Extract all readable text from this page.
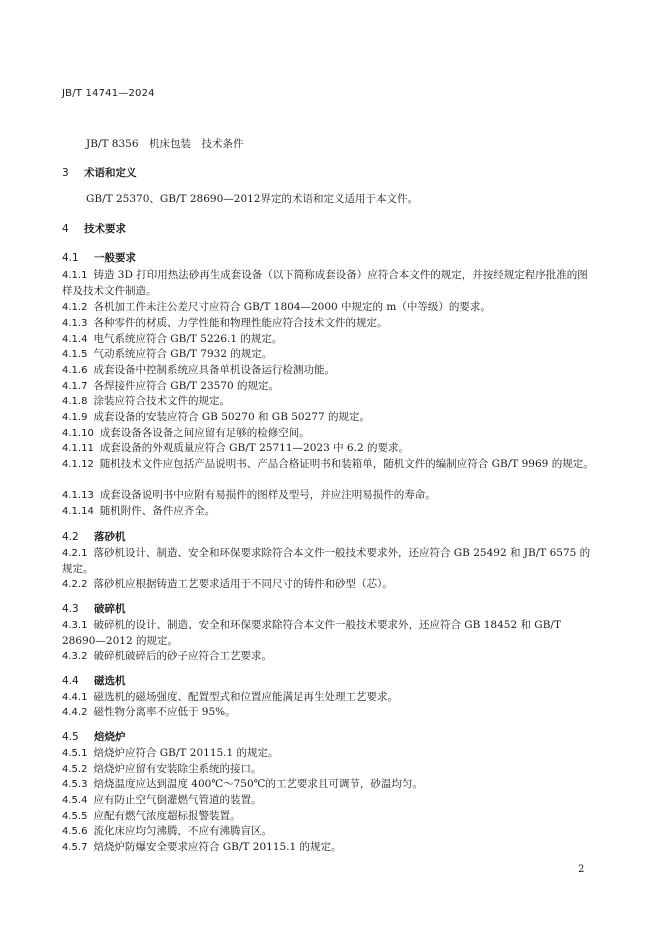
JB/T 14741—2024
JB/T 8356　机床包装　技术条件
3 术语和定义
GB/T 25370、GB/T 28690—2012界定的术语和定义适用于本文件。
4 技术要求
4.1 一般要求
4.1.1 铸造 3D 打印用热法砂再生成套设备（以下简称成套设备）应符合本文件的规定，并按经规定程序批准的图样及技术文件制造。
4.1.2 各机加工件未注公差尺寸应符合 GB/T 1804—2000 中规定的 m（中等级）的要求。
4.1.3 各种零件的材质、力学性能和物理性能应符合技术文件的规定。
4.1.4 电气系统应符合 GB/T 5226.1 的规定。
4.1.5 气动系统应符合 GB/T 7932 的规定。
4.1.6 成套设备中控制系统应具备单机设备运行检测功能。
4.1.7 各焊接件应符合 GB/T 23570 的规定。
4.1.8 涂装应符合技术文件的规定。
4.1.9 成套设备的安装应符合 GB 50270 和 GB 50277 的规定。
4.1.10 成套设备各设备之间应留有足够的检修空间。
4.1.11 成套设备的外观质量应符合 GB/T 25711—2023 中 6.2 的要求。
4.1.12 随机技术文件应包括产品说明书、产品合格证明书和装箱单，随机文件的编制应符合 GB/T 9969 的规定。
4.1.13 成套设备说明书中应附有易损件的图样及型号，并应注明易损件的寿命。
4.1.14 随机附件、备件应齐全。
4.2 落砂机
4.2.1 落砂机设计、制造、安全和环保要求除符合本文件一般技术要求外，还应符合 GB 25492 和 JB/T 6575 的规定。
4.2.2 落砂机应根据铸造工艺要求适用于不同尺寸的铸件和砂型（芯）。
4.3 破碎机
4.3.1 破碎机的设计、制造、安全和环保要求除符合本文件一般技术要求外，还应符合 GB 18452 和 GB/T 28690—2012 的规定。
4.3.2 破碎机破碎后的砂子应符合工艺要求。
4.4 磁选机
4.4.1 磁选机的磁场强度、配置型式和位置应能满足再生处理工艺要求。
4.4.2 磁性物分离率不应低于 95%。
4.5 焙烧炉
4.5.1 焙烧炉应符合 GB/T 20115.1 的规定。
4.5.2 焙烧炉应留有安装除尘系统的接口。
4.5.3 焙烧温度应达到温度 400℃～750℃的工艺要求且可调节，砂温均匀。
4.5.4 应有防止空气倒灌燃气管道的装置。
4.5.5 应配有燃气浓度超标报警装置。
4.5.6 流化床应均匀沸腾，不应有沸腾盲区。
4.5.7 焙烧炉防爆安全要求应符合 GB/T 20115.1 的规定。
2
